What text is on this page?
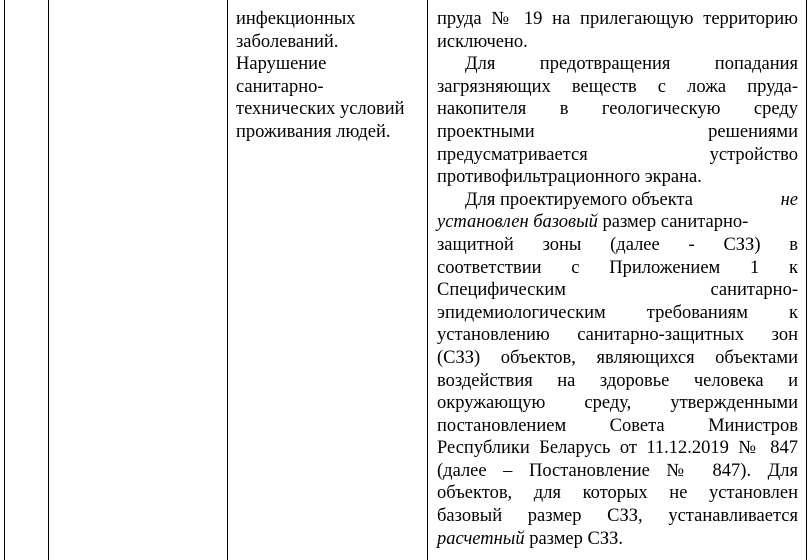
инфекционных
заболеваний.
Нарушение
санитарно-
технических условий
проживания людей.
пруда № 19 на прилегающую территорию
исключено.
Для предотвращения попадания
загрязняющих веществ с ложа пруда-
накопителя в геологическую среду
проектными решениями
предусматривается устройство
противофильтрационного экрана.
Для проектируемого объекта	не
установлен базовый размер санитарно-
защитной зоны (далее - СЗЗ) в
соответствии с Приложением 1 к
Специфическим санитарно-
эпидемиологическим требованиям к
установлению санитарно-защитных зон
(СЗЗ) объектов, являющихся объектами
воздействия на здоровье человека и
окружающую среду, утвержденными
постановлением Совета Министров
Республики Беларусь от 11.12.2019 № 847
(далее – Постановление № 847). Для
объектов, для которых не установлен
базовый размер СЗЗ, устанавливается
расчетный размер СЗЗ.
